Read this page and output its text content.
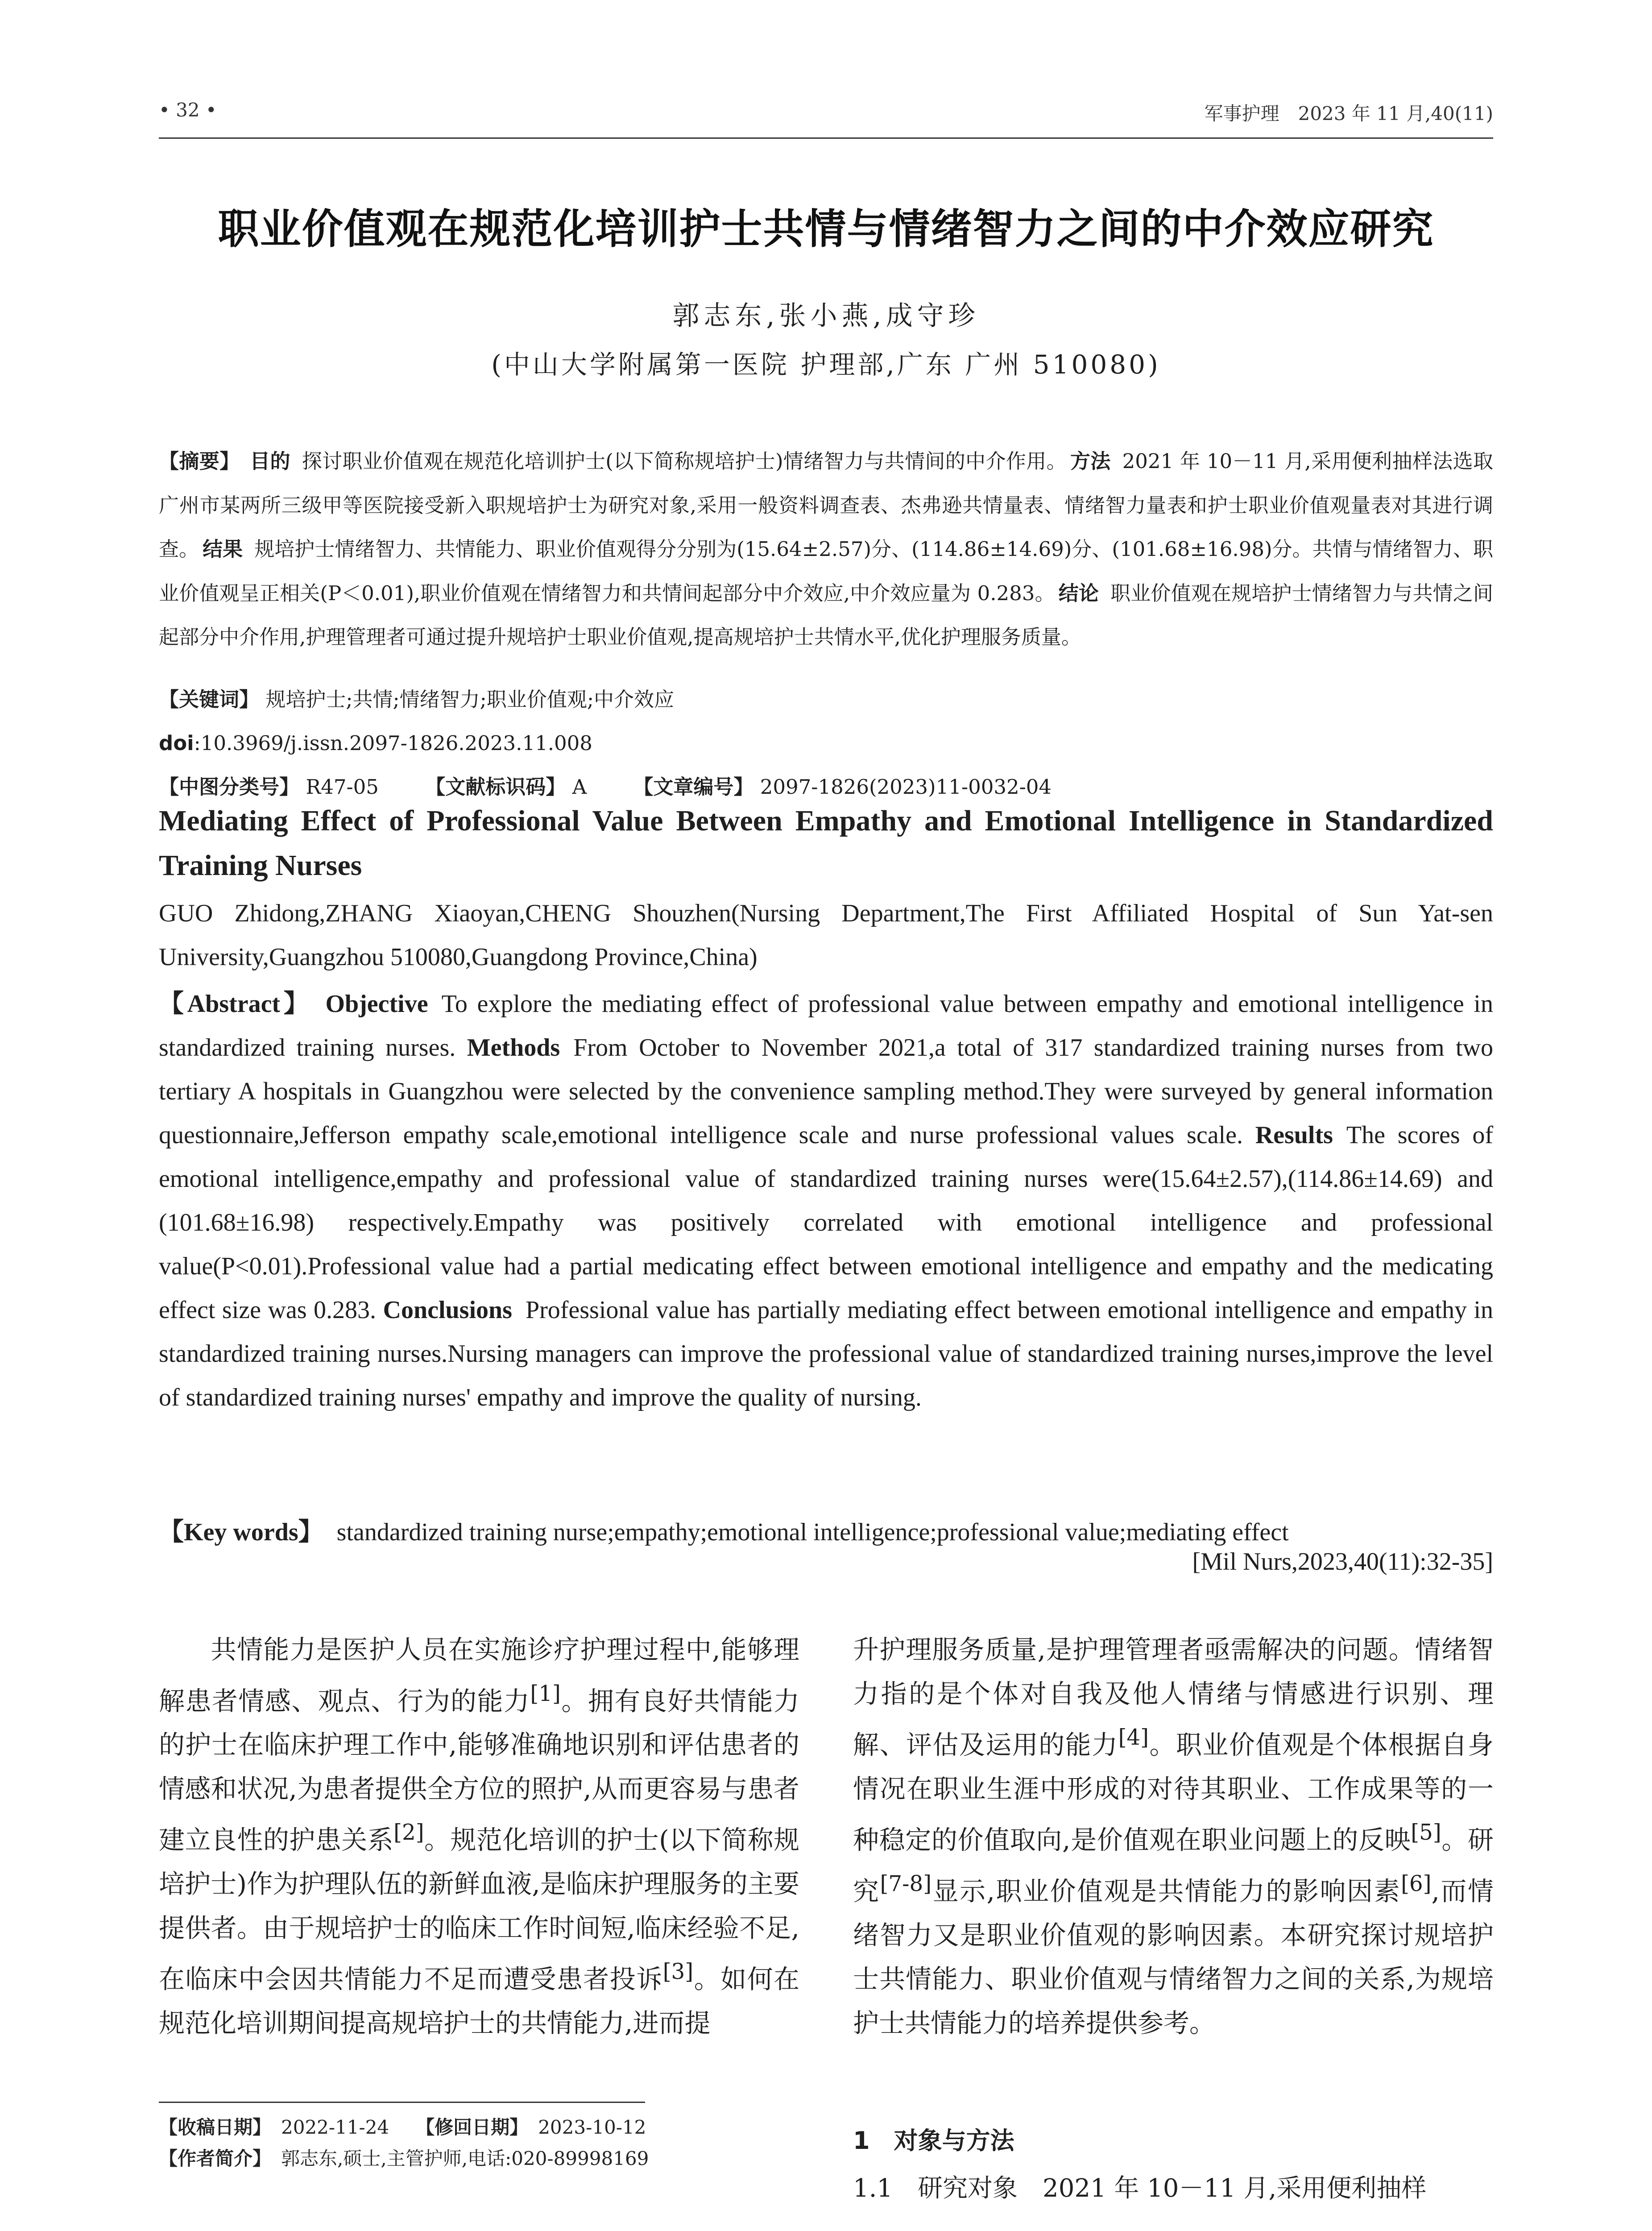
• 32 •	军事护理　2023 年 11 月,40(11)
职业价值观在规范化培训护士共情与情绪智力之间的中介效应研究
郭志东,张小燕,成守珍
(中山大学附属第一医院 护理部,广东 广州 510080)
【摘要】 目的 探讨职业价值观在规范化培训护士(以下简称规培护士)情绪智力与共情间的中介作用。 方法 2021 年 10－11 月,采用便利抽样法选取广州市某两所三级甲等医院接受新入职规培护士为研究对象,采用一般资料调查表、杰弗逊共情量表、情绪智力量表和护士职业价值观量表对其进行调查。 结果 规培护士情绪智力、共情能力、职业价值观得分分别为(15.64±2.57)分、(114.86±14.69)分、(101.68±16.98)分。共情与情绪智力、职业价值观呈正相关(P＜0.01),职业价值观在情绪智力和共情间起部分中介效应,中介效应量为 0.283。 结论 职业价值观在规培护士情绪智力与共情之间起部分中介作用,护理管理者可通过提升规培护士职业价值观,提高规培护士共情水平,优化护理服务质量。
【关键词】 规培护士;共情;情绪智力;职业价值观;中介效应
doi:10.3969/j.issn.2097-1826.2023.11.008
【中图分类号】 R47-05 【文献标识码】 A 【文章编号】 2097-1826(2023)11-0032-04
Mediating Effect of Professional Value Between Empathy and Emotional Intelligence in Standardized Training Nurses
GUO Zhidong,ZHANG Xiaoyan,CHENG Shouzhen(Nursing Department,The First Affiliated Hospital of Sun Yat-sen University,Guangzhou 510080,Guangdong Province,China)
【Abstract】 Objective To explore the mediating effect of professional value between empathy and emotional intelligence in standardized training nurses. Methods From October to November 2021,a total of 317 standardized training nurses from two tertiary A hospitals in Guangzhou were selected by the convenience sampling method.They were surveyed by general information questionnaire,Jefferson empathy scale,emotional intelligence scale and nurse professional values scale. Results The scores of emotional intelligence,empathy and professional value of standardized training nurses were(15.64±2.57),(114.86±14.69) and (101.68±16.98) respectively.Empathy was positively correlated with emotional intelligence and professional value(P<0.01).Professional value had a partial medicating effect between emotional intelligence and empathy and the medicating effect size was 0.283. Conclusions Professional value has partially mediating effect between emotional intelligence and empathy in standardized training nurses.Nursing managers can improve the professional value of standardized training nurses,improve the level of standardized training nurses' empathy and improve the quality of nursing.
【Key words】 standardized training nurse;empathy;emotional intelligence;professional value;mediating effect
[Mil Nurs,2023,40(11):32-35]
共情能力是医护人员在实施诊疗护理过程中,能够理解患者情感、观点、行为的能力[1]。拥有良好共情能力的护士在临床护理工作中,能够准确地识别和评估患者的情感和状况,为患者提供全方位的照护,从而更容易与患者建立良性的护患关系[2]。规范化培训的护士(以下简称规培护士)作为护理队伍的新鲜血液,是临床护理服务的主要提供者。由于规培护士的临床工作时间短,临床经验不足,在临床中会因共情能力不足而遭受患者投诉[3]。如何在规范化培训期间提高规培护士的共情能力,进而提
升护理服务质量,是护理管理者亟需解决的问题。情绪智力指的是个体对自我及他人情绪与情感进行识别、理解、评估及运用的能力[4]。职业价值观是个体根据自身情况在职业生涯中形成的对待其职业、工作成果等的一种稳定的价值取向,是价值观在职业问题上的反映[5]。研究[7-8]显示,职业价值观是共情能力的影响因素[6],而情绪智力又是职业价值观的影响因素。本研究探讨规培护士共情能力、职业价值观与情绪智力之间的关系,为规培护士共情能力的培养提供参考。
1　对象与方法
1.1　研究对象　2021 年 10－11 月,采用便利抽样
【收稿日期】 2022-11-24 【修回日期】 2023-10-12
【作者简介】 郭志东,硕士,主管护师,电话:020-89998169
